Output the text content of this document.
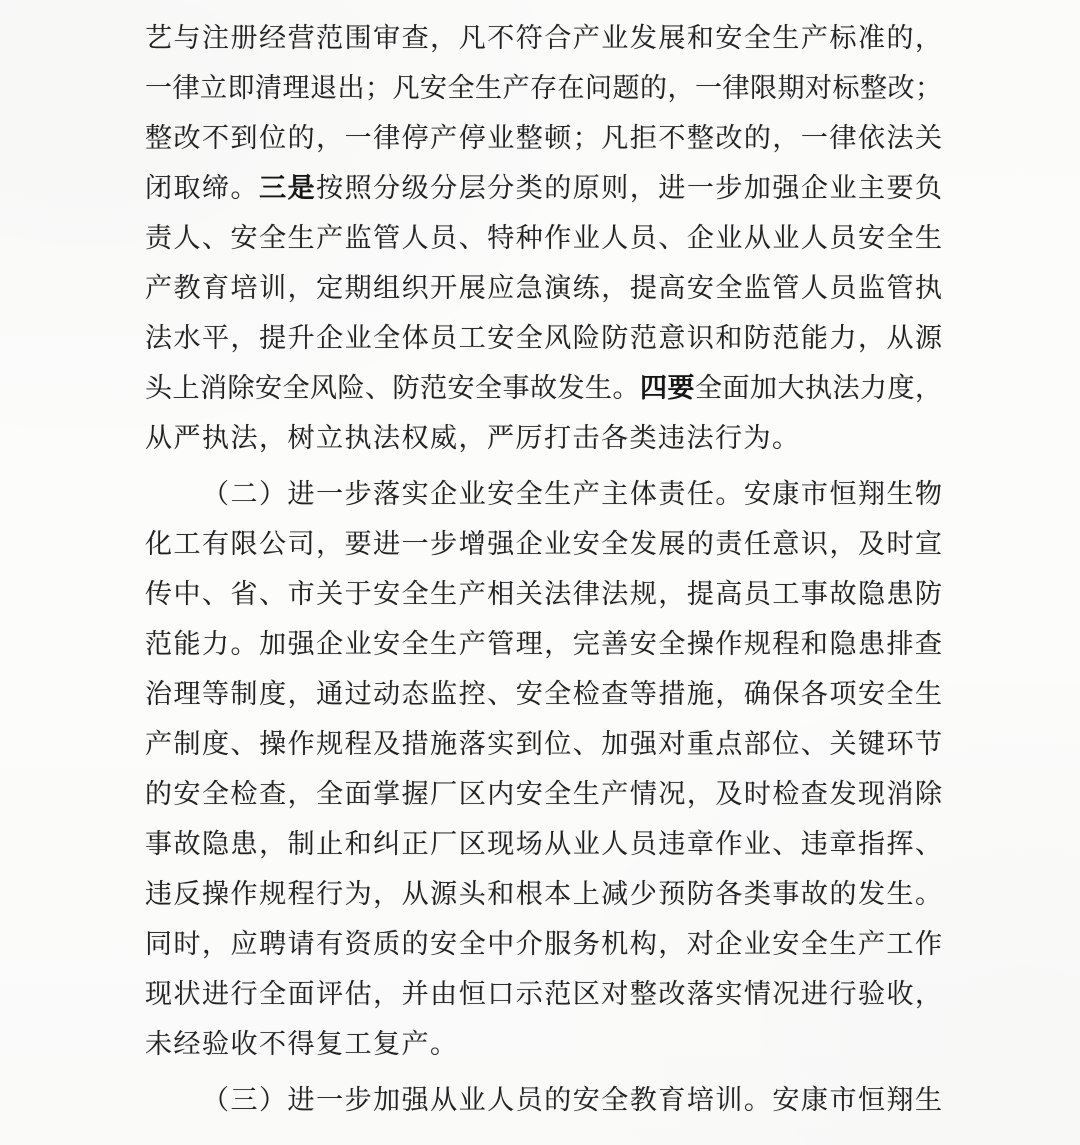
艺与注册经营范围审查，凡不符合产业发展和安全生产标准的，
一律立即清理退出；凡安全生产存在问题的，一律限期对标整改；
整改不到位的，一律停产停业整顿；凡拒不整改的，一律依法关
闭取缔。三是按照分级分层分类的原则，进一步加强企业主要负
责人、安全生产监管人员、特种作业人员、企业从业人员安全生
产教育培训，定期组织开展应急演练，提高安全监管人员监管执
法水平，提升企业全体员工安全风险防范意识和防范能力，从源
头上消除安全风险、防范安全事故发生。四要全面加大执法力度，
从严执法，树立执法权威，严厉打击各类违法行为。
（二）进一步落实企业安全生产主体责任。安康市恒翔生物
化工有限公司，要进一步增强企业安全发展的责任意识，及时宣
传中、省、市关于安全生产相关法律法规，提高员工事故隐患防
范能力。加强企业安全生产管理，完善安全操作规程和隐患排查
治理等制度，通过动态监控、安全检查等措施，确保各项安全生
产制度、操作规程及措施落实到位、加强对重点部位、关键环节
的安全检查，全面掌握厂区内安全生产情况，及时检查发现消除
事故隐患，制止和纠正厂区现场从业人员违章作业、违章指挥、
违反操作规程行为，从源头和根本上减少预防各类事故的发生。
同时，应聘请有资质的安全中介服务机构，对企业安全生产工作
现状进行全面评估，并由恒口示范区对整改落实情况进行验收，
未经验收不得复工复产。
（三）进一步加强从业人员的安全教育培训。安康市恒翔生
